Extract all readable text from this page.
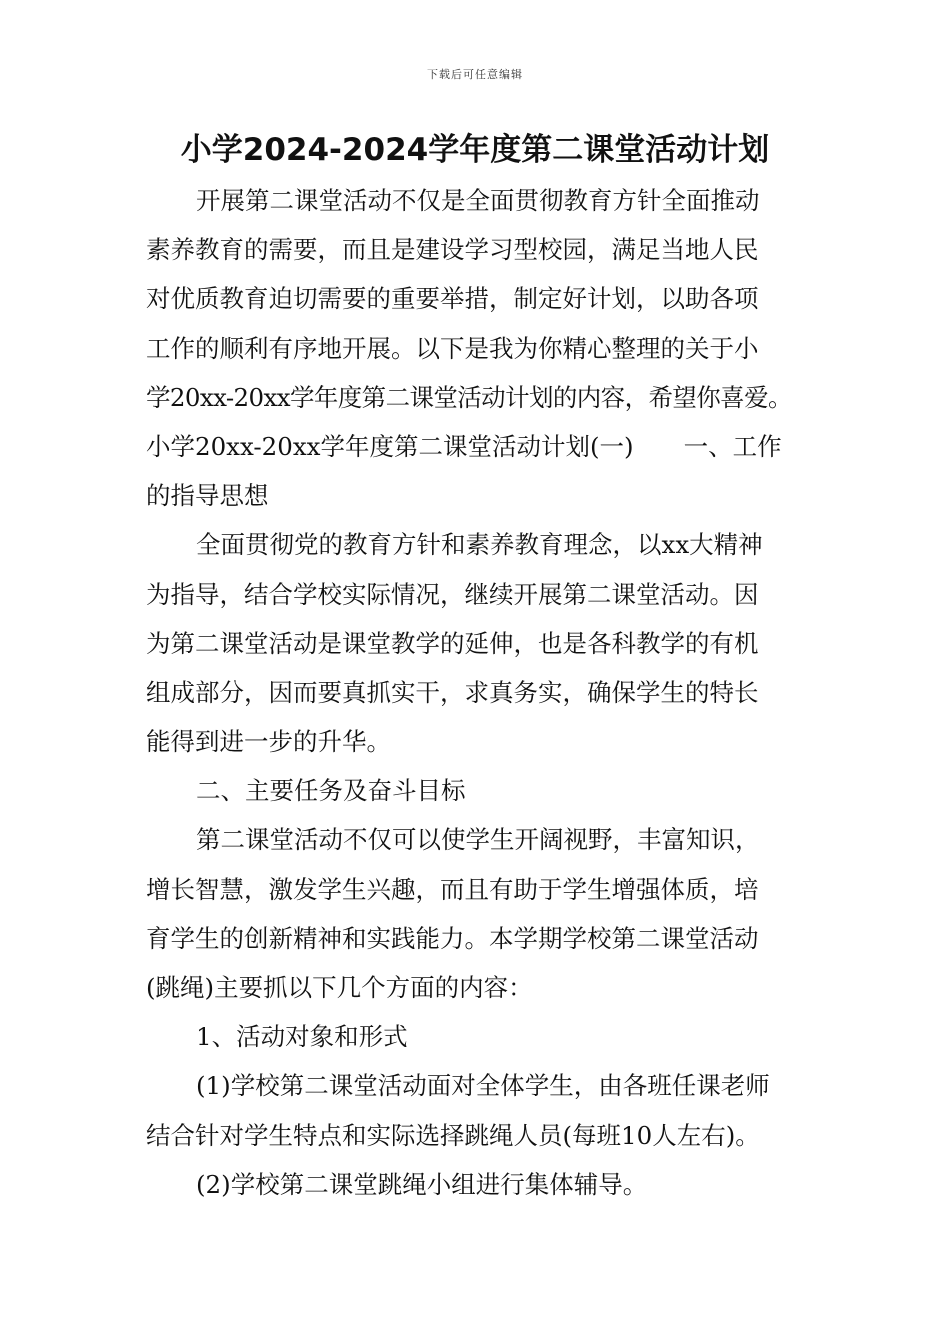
下载后可任意编辑
小学2024-2024学年度第二课堂活动计划
开展第二课堂活动不仅是全面贯彻教育方针全面推动
素养教育的需要，而且是建设学习型校园，满足当地人民
对优质教育迫切需要的重要举措，制定好计划，以助各项
工作的顺利有序地开展。以下是我为你精心整理的关于小
学20xx-20xx学年度第二课堂活动计划的内容，希望你喜爱。
小学20xx-20xx学年度第二课堂活动计划(一) 一、工作
的指导思想
全面贯彻党的教育方针和素养教育理念，以xx大精神
为指导，结合学校实际情况，继续开展第二课堂活动。因
为第二课堂活动是课堂教学的延伸，也是各科教学的有机
组成部分，因而要真抓实干，求真务实，确保学生的特长
能得到进一步的升华。
二、主要任务及奋斗目标
第二课堂活动不仅可以使学生开阔视野，丰富知识，
增长智慧，激发学生兴趣，而且有助于学生增强体质，培
育学生的创新精神和实践能力。本学期学校第二课堂活动
(跳绳)主要抓以下几个方面的内容：
1、活动对象和形式
(1)学校第二课堂活动面对全体学生，由各班任课老师
结合针对学生特点和实际选择跳绳人员(每班10人左右)。
(2)学校第二课堂跳绳小组进行集体辅导。
